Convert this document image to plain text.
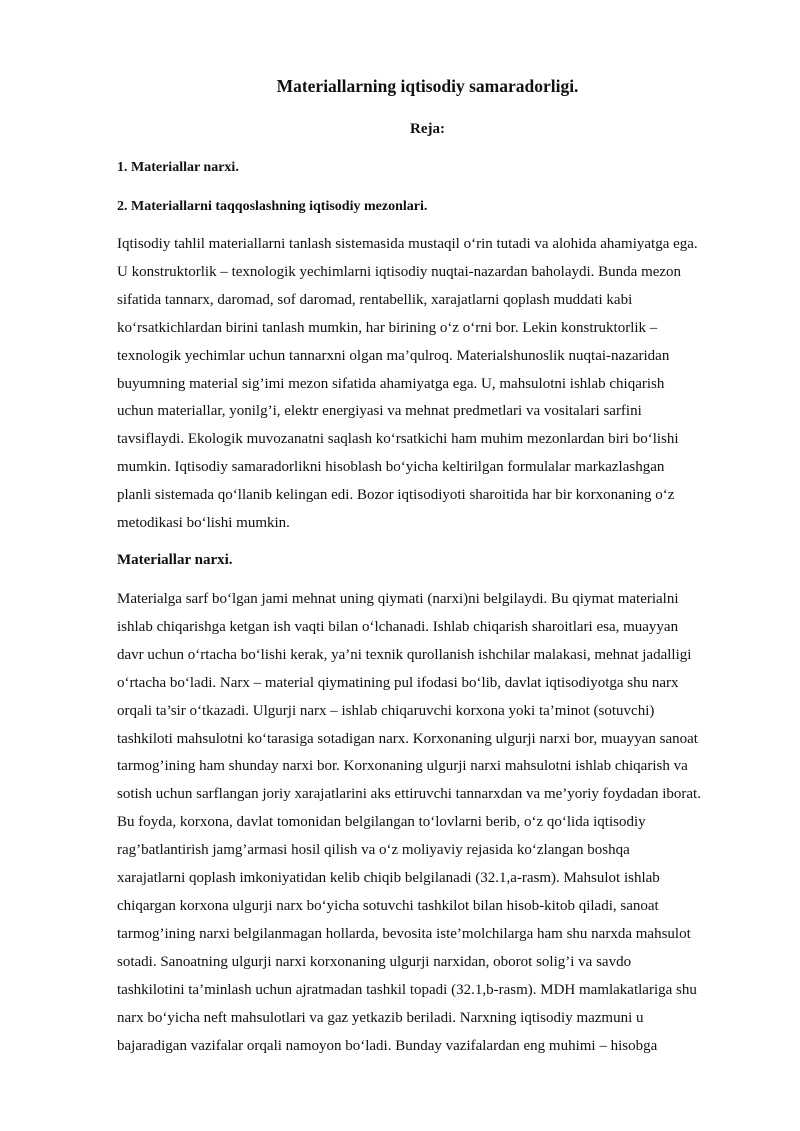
Materiallarning iqtisodiy samaradorligi.

Reja:

1. Materiallar narxi.

2. Materiallarni taqqoslashning iqtisodiy mezonlari.

Iqtisodiy tahlil materiallarni tanlash sistemasida mustaqil o‘rin tutadi va alohida ahamiyatga ega.
U konstruktorlik – texnologik yechimlarni iqtisodiy nuqtai-nazardan baholaydi. Bunda mezon
sifatida tannarx, daromad, sof daromad, rentabellik, xarajatlarni qoplash muddati kabi
ko‘rsatkichlardan birini tanlash mumkin, har birining o‘z o‘rni bor. Lekin konstruktorlik –
texnologik yechimlar uchun tannarxni olgan ma’qulroq. Materialshunoslik nuqtai-nazaridan
buyumning material sig’imi mezon sifatida ahamiyatga ega. U, mahsulotni ishlab chiqarish
uchun materiallar, yonilg’i, elektr energiyasi va mehnat predmetlari va vositalari sarfini
tavsiflaydi. Ekologik muvozanatni saqlash ko‘rsatkichi ham muhim mezonlardan biri bo‘lishi
mumkin. Iqtisodiy samaradorlikni hisoblash bo‘yicha keltirilgan formulalar markazlashgan
planli sistemada qo‘llanib kelingan edi. Bozor iqtisodiyoti sharoitida har bir korxonaning o‘z
metodikasi bo‘lishi mumkin.
Materiallar narxi.
Materialga sarf bo‘lgan jami mehnat uning qiymati (narxi)ni belgilaydi. Bu qiymat materialni
ishlab chiqarishga ketgan ish vaqti bilan o‘lchanadi. Ishlab chiqarish sharoitlari esa, muayyan
davr uchun o‘rtacha bo‘lishi kerak, ya’ni texnik qurollanish ishchilar malakasi, mehnat jadalligi
o‘rtacha bo‘ladi. Narx – material qiymatining pul ifodasi bo‘lib, davlat iqtisodiyotga shu narx
orqali ta’sir o‘tkazadi. Ulgurji narx – ishlab chiqaruvchi korxona yoki ta’minot (sotuvchi)
tashkiloti mahsulotni ko‘tarasiga sotadigan narx. Korxonaning ulgurji narxi bor, muayyan sanoat
tarmog’ining ham shunday narxi bor. Korxonaning ulgurji narxi mahsulotni ishlab chiqarish va
sotish uchun sarflangan joriy xarajatlarini aks ettiruvchi tannarxdan va me’yoriy foydadan iborat.
Bu foyda, korxona, davlat tomonidan belgilangan to‘lovlarni berib, o‘z qo‘lida iqtisodiy
rag’batlantirish jamg’armasi hosil qilish va o‘z moliyaviy rejasida ko‘zlangan boshqa
xarajatlarni qoplash imkoniyatidan kelib chiqib belgilanadi (32.1,a-rasm). Mahsulot ishlab
chiqargan korxona ulgurji narx bo‘yicha sotuvchi tashkilot bilan hisob-kitob qiladi, sanoat
tarmog’ining narxi belgilanmagan hollarda, bevosita iste’molchilarga ham shu narxda mahsulot
sotadi. Sanoatning ulgurji narxi korxonaning ulgurji narxidan, oborot solig’i va savdo
tashkilotini ta’minlash uchun ajratmadan tashkil topadi (32.1,b-rasm). MDH mamlakatlariga shu
narx bo‘yicha neft mahsulotlari va gaz yetkazib beriladi. Narxning iqtisodiy mazmuni u
bajaradigan vazifalar orqali namoyon bo‘ladi. Bunday vazifalardan eng muhimi – hisobga
